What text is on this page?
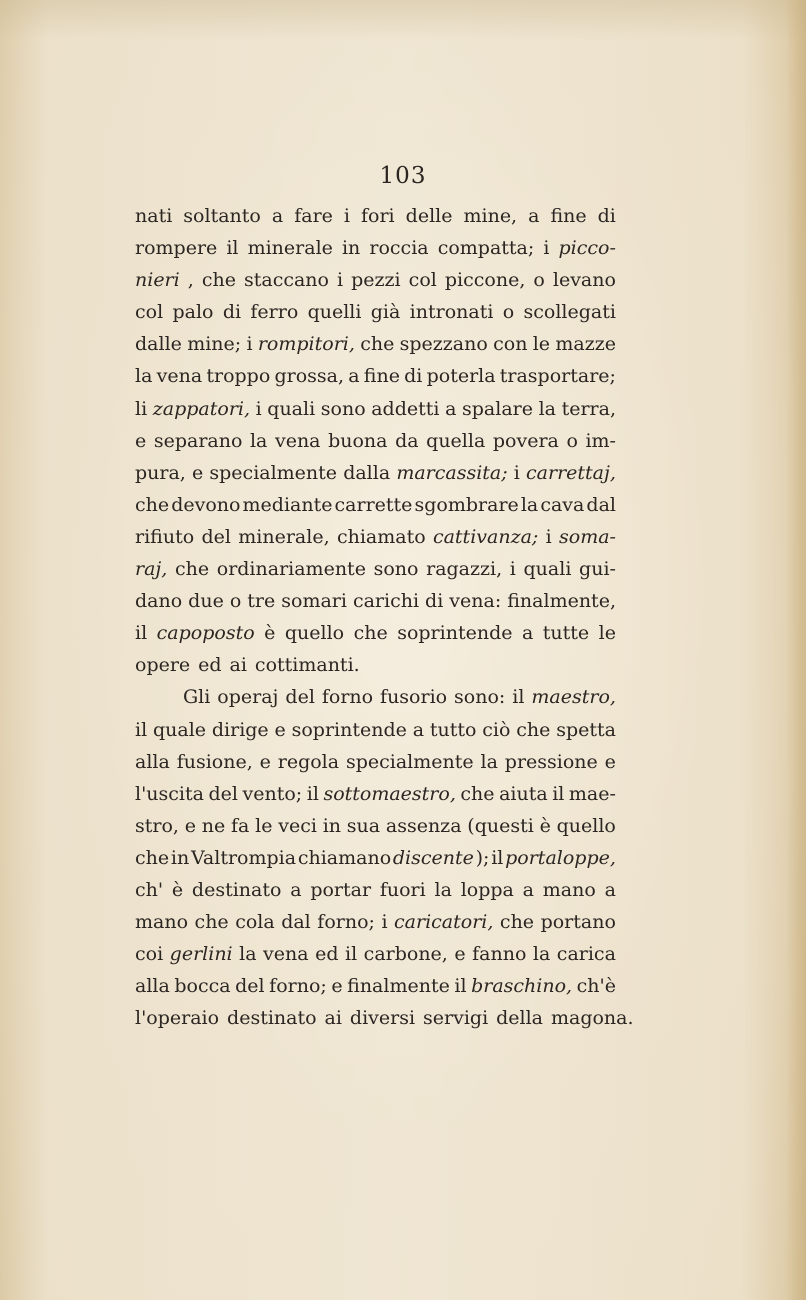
103
nati soltanto a fare i fori delle mine, a fine di
rompere il minerale in roccia compatta; i picco-
nieri , che staccano i pezzi col piccone, o levano
col palo di ferro quelli già intronati o scollegati
dalle mine; i rompitori, che spezzano con le mazze
la vena troppo grossa, a fine di poterla trasportare;
li zappatori, i quali sono addetti a spalare la terra,
e separano la vena buona da quella povera o im-
pura, e specialmente dalla marcassita; i carrettaj,
che devono mediante carrette sgombrare la cava dal
rifiuto del minerale, chiamato cattivanza; i soma-
raj, che ordinariamente sono ragazzi, i quali gui-
dano due o tre somari carichi di vena: finalmente,
il capoposto è quello che soprintende a tutte le
opere ed ai cottimanti.
Gli operaj del forno fusorio sono: il maestro,
il quale dirige e soprintende a tutto ciò che spetta
alla fusione, e regola specialmente la pressione e
l'uscita del vento; il sottomaestro, che aiuta il mae-
stro, e ne fa le veci in sua assenza (questi è quello
che in Valtrompia chiamano discente ); il portaloppe,
ch' è destinato a portar fuori la loppa a mano a
mano che cola dal forno; i caricatori, che portano
coi gerlini la vena ed il carbone, e fanno la carica
alla bocca del forno; e finalmente il braschino, ch'è
l'operaio destinato ai diversi servigi della magona.
